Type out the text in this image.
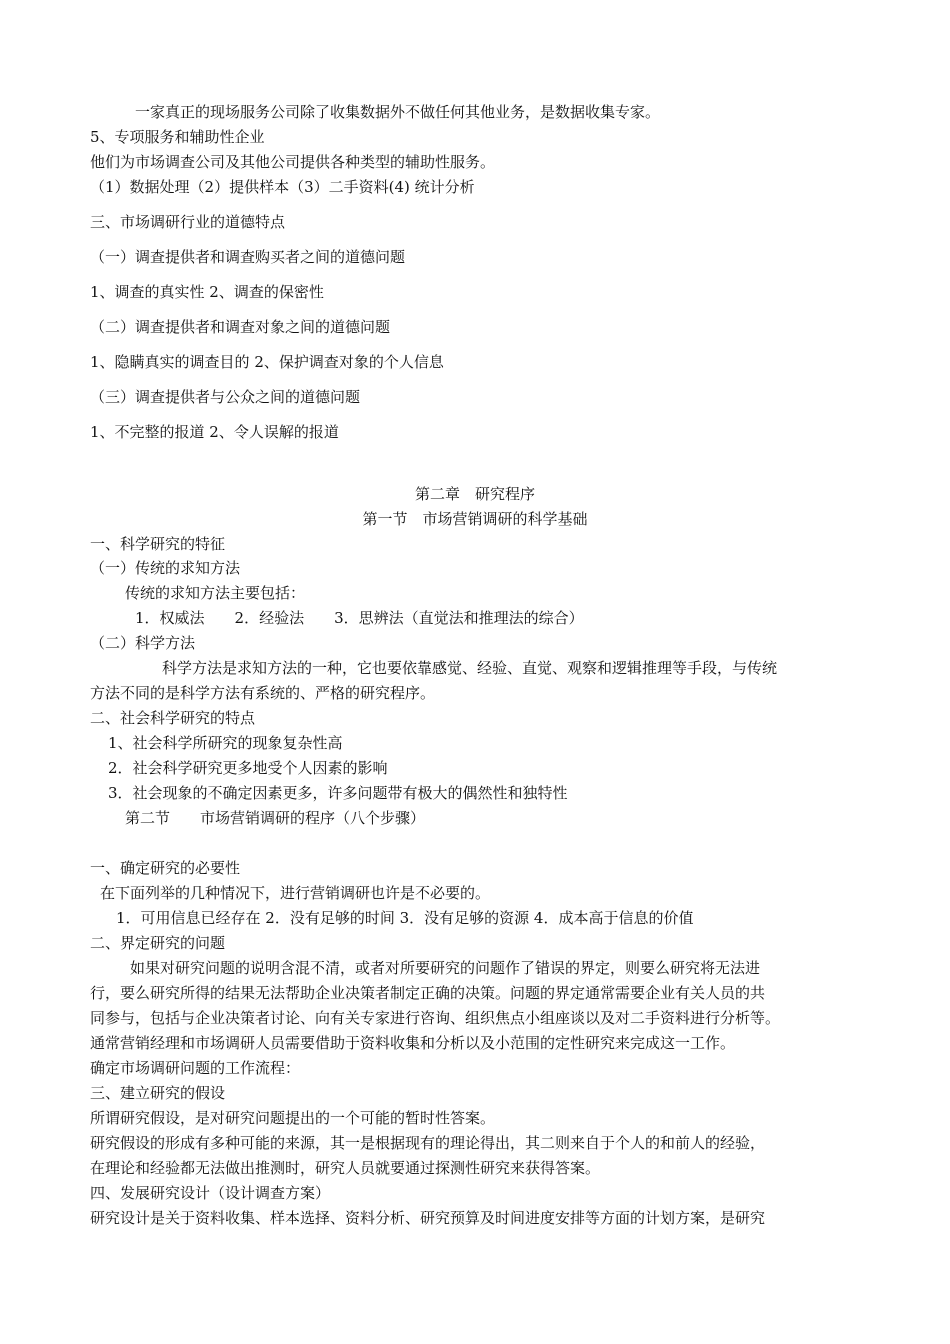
一家真正的现场服务公司除了收集数据外不做任何其他业务，是数据收集专家。
5、专项服务和辅助性企业
他们为市场调查公司及其他公司提供各种类型的辅助性服务。
（1）数据处理（2）提供样本（3）二手资料(4) 统计分析
三、市场调研行业的道德特点
（一）调查提供者和调查购买者之间的道德问题
1、调查的真实性 2、调查的保密性
（二）调查提供者和调查对象之间的道德问题
1、隐瞒真实的调查目的 2、保护调查对象的个人信息
（三）调查提供者与公众之间的道德问题
1、不完整的报道 2、令人误解的报道
第二章　研究程序
第一节　市场营销调研的科学基础
一、科学研究的特征
（一）传统的求知方法
传统的求知方法主要包括：
1．权威法　　2．经验法　　3．思辨法（直觉法和推理法的综合）
（二）科学方法
科学方法是求知方法的一种，它也要依靠感觉、经验、直觉、观察和逻辑推理等手段，与传统
方法不同的是科学方法有系统的、严格的研究程序。
二、社会科学研究的特点
1、社会科学所研究的现象复杂性高
2．社会科学研究更多地受个人因素的影响
3．社会现象的不确定因素更多，许多问题带有极大的偶然性和独特性
第二节　　市场营销调研的程序（八个步骤）
一、确定研究的必要性
在下面列举的几种情况下，进行营销调研也许是不必要的。
1．可用信息已经存在 2．没有足够的时间 3．没有足够的资源 4．成本高于信息的价值
二、界定研究的问题
如果对研究问题的说明含混不清，或者对所要研究的问题作了错误的界定，则要么研究将无法进
行，要么研究所得的结果无法帮助企业决策者制定正确的决策。问题的界定通常需要企业有关人员的共
同参与，包括与企业决策者讨论、向有关专家进行咨询、组织焦点小组座谈以及对二手资料进行分析等。
通常营销经理和市场调研人员需要借助于资料收集和分析以及小范围的定性研究来完成这一工作。
确定市场调研问题的工作流程：
三、建立研究的假设
所谓研究假设，是对研究问题提出的一个可能的暂时性答案。
研究假设的形成有多种可能的来源，其一是根据现有的理论得出，其二则来自于个人的和前人的经验，
在理论和经验都无法做出推测时，研究人员就要通过探测性研究来获得答案。
四、发展研究设计（设计调查方案）
研究设计是关于资料收集、样本选择、资料分析、研究预算及时间进度安排等方面的计划方案，是研究
